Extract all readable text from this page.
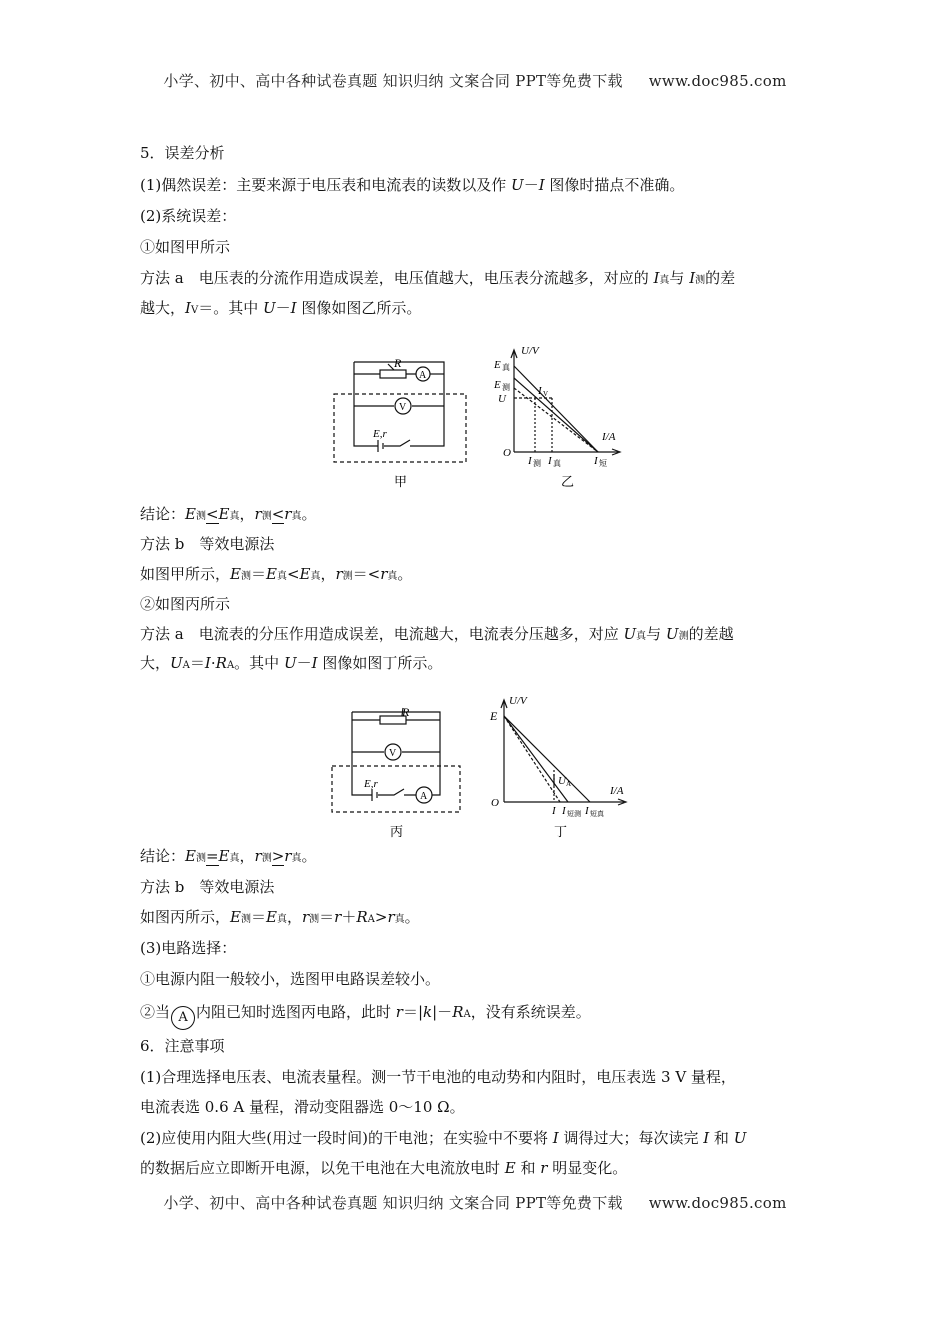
小学、初中、高中各种试卷真题 知识归纳 文案合同 PPT等免费下载 www.doc985.com
5．误差分析
(1)偶然误差：主要来源于电压表和电流表的读数以及作 U－I 图像时描点不准确。
(2)系统误差：
①如图甲所示
方法 a　电压表的分流作用造成误差，电压值越大，电压表分流越多，对应的 I真与 I测的差
越大，IV＝。其中 U－I 图像如图乙所示。
R
A
V
E,r
甲
U/V
E 真
E 测
U
I V
I/A
O
I 测 I 真	I 短
乙
结论：E测<E真，r测<r真。
方法 b　等效电源法
如图甲所示，E测＝E真<E真，r测＝<r真。
②如图丙所示
方法 a　电流表的分压作用造成误差，电流越大，电流表分压越多，对应 U真与 U测的差越
大，UA＝I·RA。其中 U－I 图像如图丁所示。
R
V
A
E,r
丙
U/V
E
U A
I/A
O
I I 短测 I 短真
丁
结论：E测=E真，r测>r真。
方法 b　等效电源法
如图丙所示，E测＝E真，r测＝r＋RA>r真。
(3)电路选择：
①电源内阻一般较小，选图甲电路误差较小。
②当 A 内阻已知时选图丙电路，此时 r＝|k|－RA，没有系统误差。
6．注意事项
(1)合理选择电压表、电流表量程。测一节干电池的电动势和内阻时，电压表选 3 V 量程，
电流表选 0.6 A 量程，滑动变阻器选 0～10 Ω。
(2)应使用内阻大些(用过一段时间)的干电池；在实验中不要将 I 调得过大；每次读完 I 和 U
的数据后应立即断开电源，以免干电池在大电流放电时 E 和 r 明显变化。
小学、初中、高中各种试卷真题 知识归纳 文案合同 PPT等免费下载 www.doc985.com
